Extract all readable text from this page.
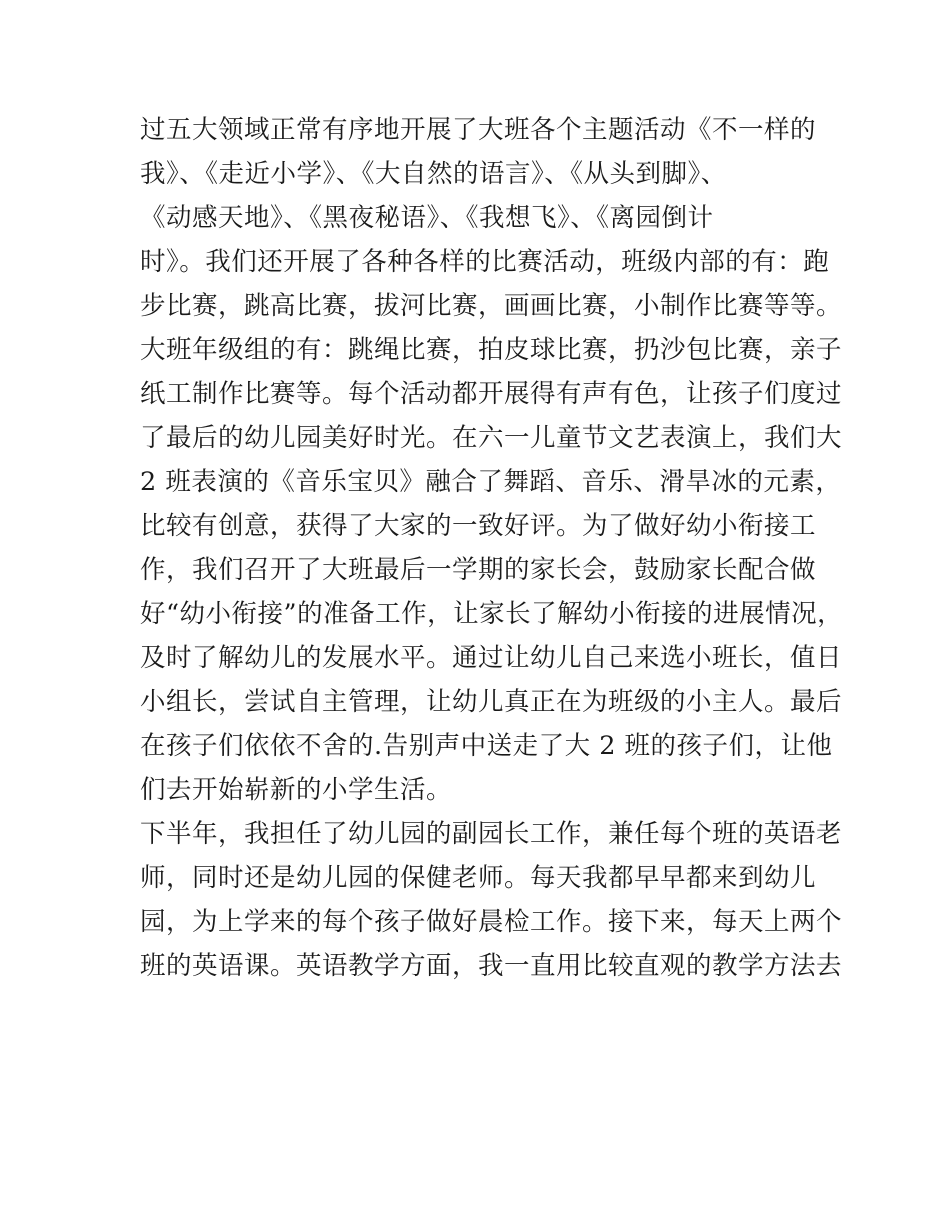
过五大领域正常有序地开展了大班各个主题活动《不一样的
我》、《走近小学》、《大自然的语言》、《从头到脚》、
《动感天地》、《黑夜秘语》、《我想飞》、《离园倒计
时》。我们还开展了各种各样的比赛活动，班级内部的有：跑
步比赛，跳高比赛，拔河比赛，画画比赛，小制作比赛等等。
大班年级组的有：跳绳比赛，拍皮球比赛，扔沙包比赛，亲子
纸工制作比赛等。每个活动都开展得有声有色，让孩子们度过
了最后的幼儿园美好时光。在六一儿童节文艺表演上，我们大
2 班表演的《音乐宝贝》融合了舞蹈、音乐、滑旱冰的元素，
比较有创意，获得了大家的一致好评。为了做好幼小衔接工
作，我们召开了大班最后一学期的家长会，鼓励家长配合做
好“幼小衔接”的准备工作，让家长了解幼小衔接的进展情况，
及时了解幼儿的发展水平。通过让幼儿自己来选小班长，值日
小组长，尝试自主管理，让幼儿真正在为班级的小主人。最后
在孩子们依依不舍的.告别声中送走了大 2 班的孩子们，让他
们去开始崭新的小学生活。
下半年，我担任了幼儿园的副园长工作，兼任每个班的英语老
师，同时还是幼儿园的保健老师。每天我都早早都来到幼儿
园，为上学来的每个孩子做好晨检工作。接下来，每天上两个
班的英语课。英语教学方面，我一直用比较直观的教学方法去
